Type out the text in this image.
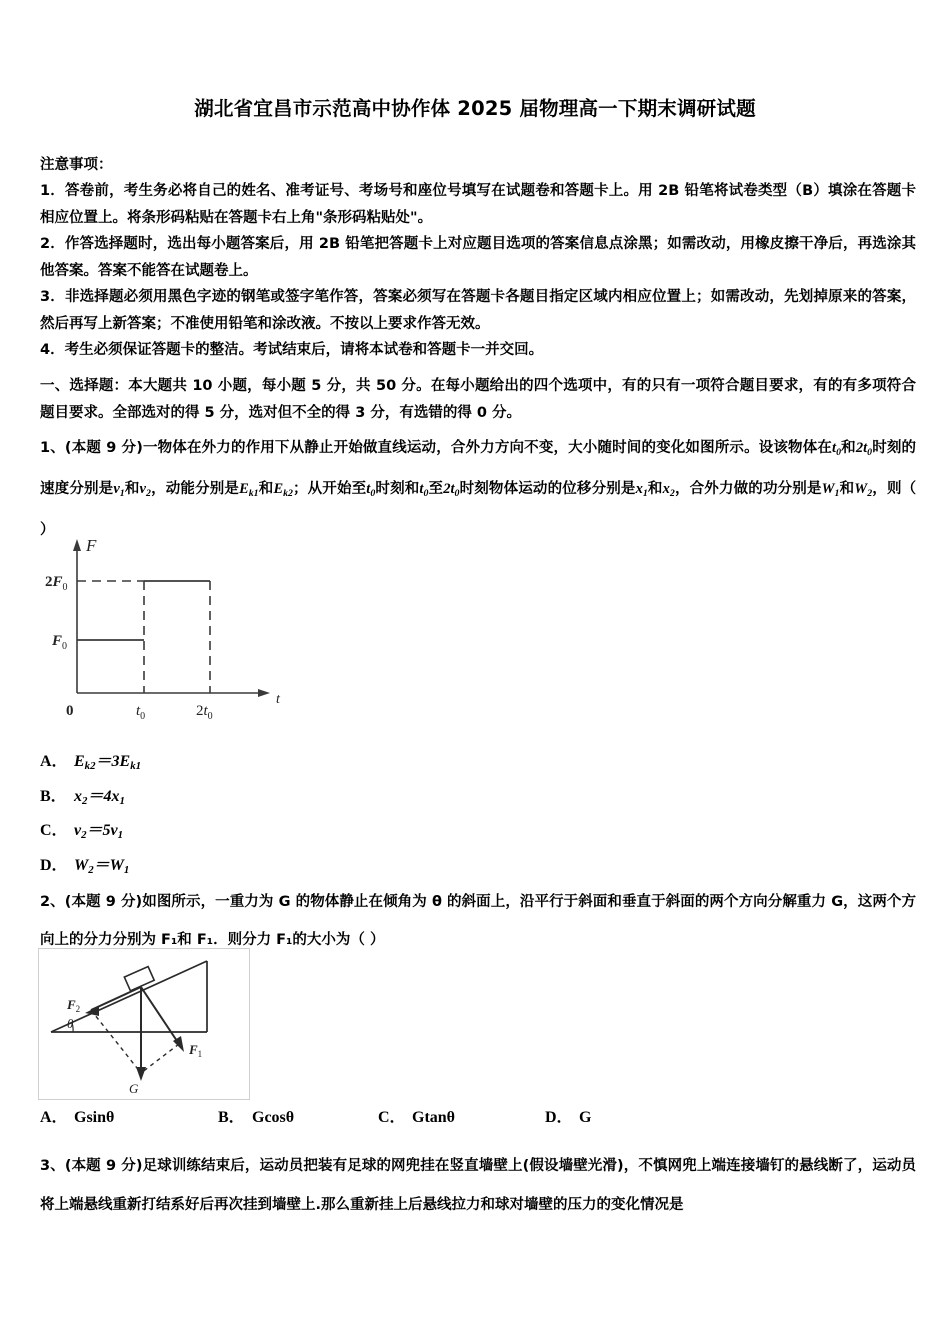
湖北省宜昌市示范高中协作体 2025 届物理高一下期末调研试题
注意事项：
1．答卷前，考生务必将自己的姓名、准考证号、考场号和座位号填写在试题卷和答题卡上。用 2B 铅笔将试卷类型（B）填涂在答题卡相应位置上。将条形码粘贴在答题卡右上角"条形码粘贴处"。
2．作答选择题时，选出每小题答案后，用 2B 铅笔把答题卡上对应题目选项的答案信息点涂黑；如需改动，用橡皮擦干净后，再选涂其他答案。答案不能答在试题卷上。
3．非选择题必须用黑色字迹的钢笔或签字笔作答，答案必须写在答题卡各题目指定区域内相应位置上；如需改动，先划掉原来的答案，然后再写上新答案；不准使用铅笔和涂改液。不按以上要求作答无效。
4．考生必须保证答题卡的整洁。考试结束后，请将本试卷和答题卡一并交回。
一、选择题：本大题共 10 小题，每小题 5 分，共 50 分。在每小题给出的四个选项中，有的只有一项符合题目要求，有的有多项符合题目要求。全部选对的得 5 分，选对但不全的得 3 分，有选错的得 0 分。
1、(本题 9 分)一物体在外力的作用下从静止开始做直线运动，合外力方向不变，大小随时间的变化如图所示。设该物体在$t_0$和$2t_0$时刻的速度分别是$v_1$和$v_2$，动能分别是$E_{k1}$和$E_{k2}$；从开始至$t_0$时刻和$t_0$至$2t_0$时刻物体运动的位移分别是$x_1$和$x_2$，合外力做的功分别是$W_1$和$W_2$，则（ ）
F
t
0
$2F_0$
$F_0$
$t_0$	$2t_0$
A． $E_{k2}=3E_{k1}$
B． $x_2=4x_1$
C． $v_2=5v_1$
D． $W_2=W_1$
2、(本题 9 分)如图所示，一重力为 G 的物体静止在倾角为 θ 的斜面上，沿平行于斜面和垂直于斜面的两个方向分解重力 G，这两个方向上的分力分别为 F₁和 F₁．则分力 F₁的大小为（ ）
θ
$F_2$
G
$F_1$
A． Gsinθ	B． Gcosθ	C． Gtanθ	D． G
3、(本题 9 分)足球训练结束后，运动员把装有足球的网兜挂在竖直墙壁上(假设墙壁光滑)，不慎网兜上端连接墙钉的悬线断了，运动员将上端悬线重新打结系好后再次挂到墙壁上.那么重新挂上后悬线拉力和球对墙壁的压力的变化情况是
